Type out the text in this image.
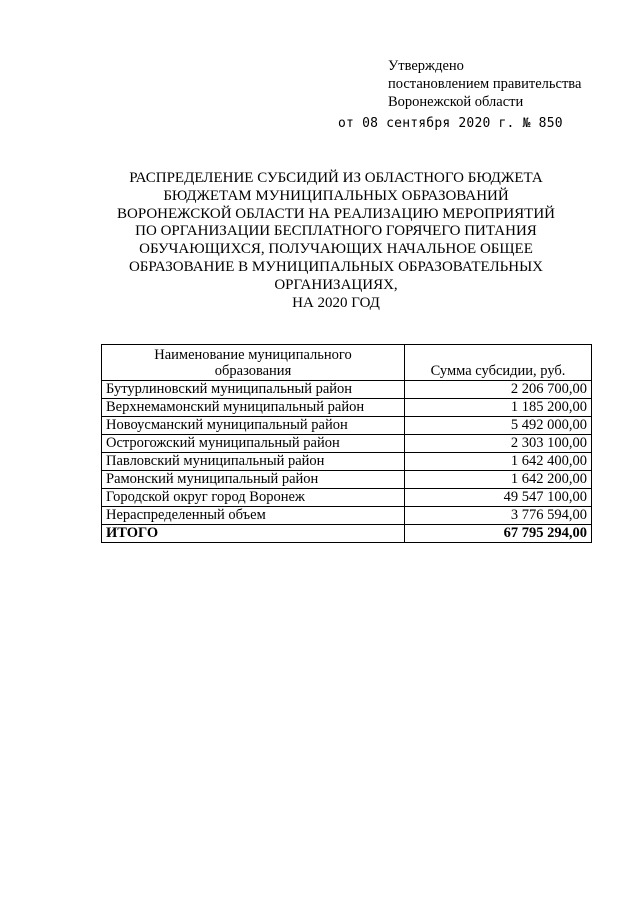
Утверждено
постановлением правительства
Воронежской области
от 08 сентября 2020 г. № 850
РАСПРЕДЕЛЕНИЕ СУБСИДИЙ ИЗ ОБЛАСТНОГО БЮДЖЕТА
БЮДЖЕТАМ МУНИЦИПАЛЬНЫХ ОБРАЗОВАНИЙ
ВОРОНЕЖСКОЙ ОБЛАСТИ НА РЕАЛИЗАЦИЮ МЕРОПРИЯТИЙ
ПО ОРГАНИЗАЦИИ БЕСПЛАТНОГО ГОРЯЧЕГО ПИТАНИЯ
ОБУЧАЮЩИХСЯ, ПОЛУЧАЮЩИХ НАЧАЛЬНОЕ ОБЩЕЕ
ОБРАЗОВАНИЕ В МУНИЦИПАЛЬНЫХ ОБРАЗОВАТЕЛЬНЫХ
ОРГАНИЗАЦИЯХ,
НА 2020 ГОД
Наименование муниципального
образования	Сумма субсидии, руб.
Бутурлиновский муниципальный район	2 206 700,00
Верхнемамонский муниципальный район	1 185 200,00
Новоусманский муниципальный район	5 492 000,00
Острогожский муниципальный район	2 303 100,00
Павловский муниципальный район	1 642 400,00
Рамонский муниципальный район	1 642 200,00
Городской округ город Воронеж	49 547 100,00
Нераспределенный объем	3 776 594,00
ИТОГО	67 795 294,00
